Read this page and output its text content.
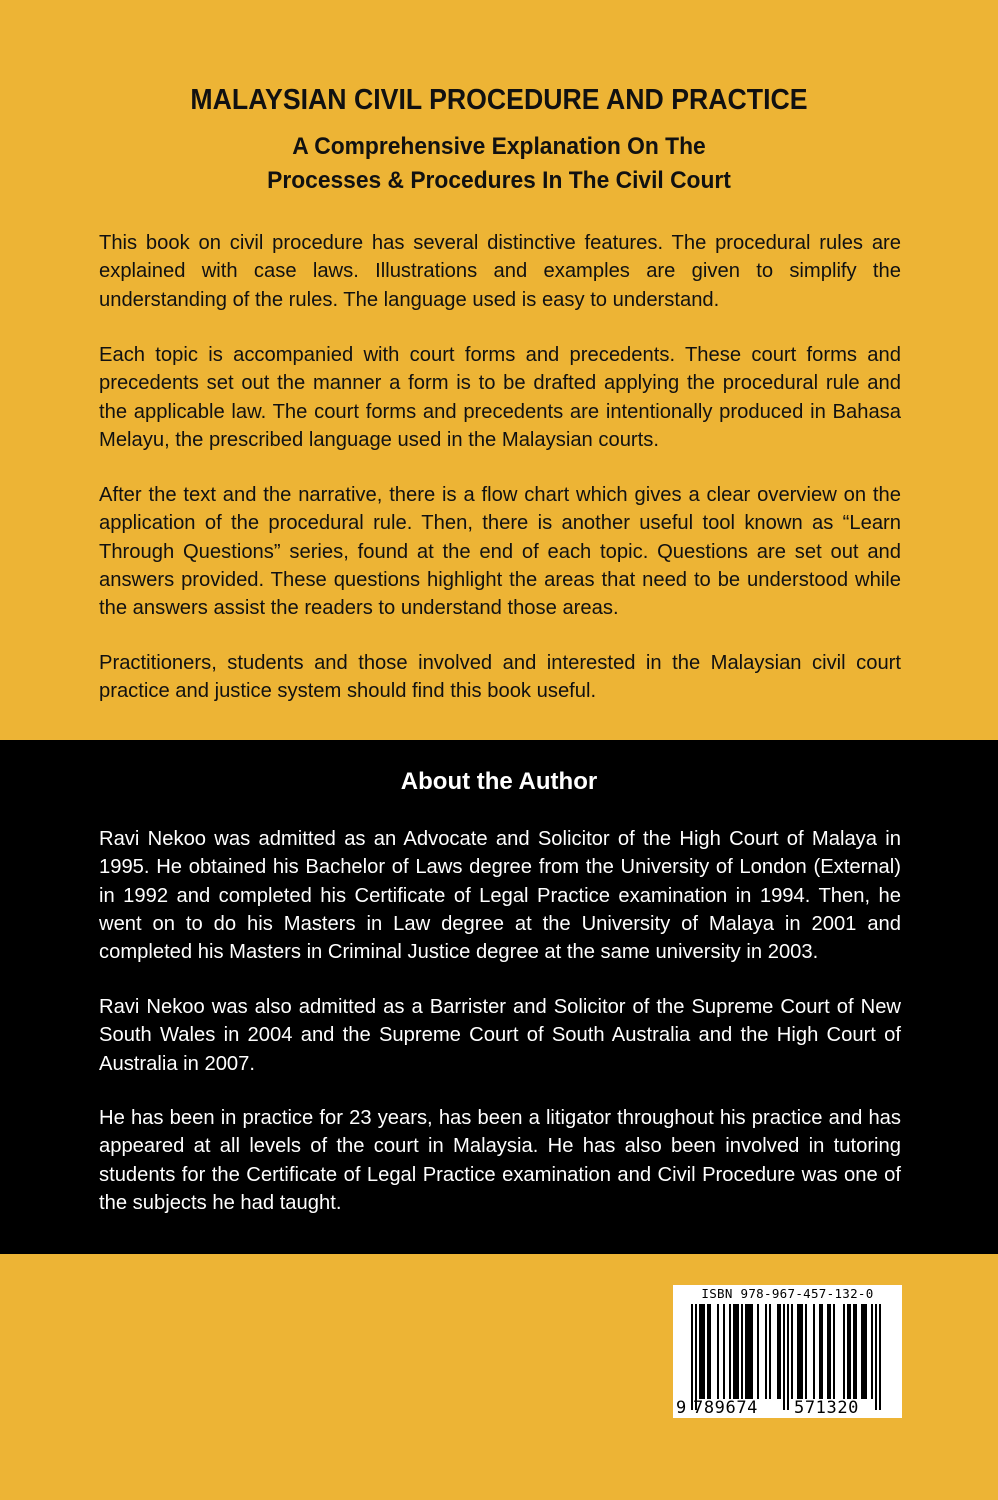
MALAYSIAN CIVIL PROCEDURE AND PRACTICE
A Comprehensive Explanation On The
Processes & Procedures In The Civil Court

This book on civil procedure has several distinctive features. The procedural rules are explained with case laws. Illustrations and examples are given to simplify the understanding of the rules. The language used is easy to understand.

Each topic is accompanied with court forms and precedents. These court forms and precedents set out the manner a form is to be drafted applying the procedural rule and the applicable law. The court forms and precedents are intentionally produced in Bahasa Melayu, the prescribed language used in the Malaysian courts.

After the text and the narrative, there is a flow chart which gives a clear overview on the application of the procedural rule. Then, there is another useful tool known as “Learn Through Questions” series, found at the end of each topic. Questions are set out and answers provided. These questions highlight the areas that need to be understood while the answers assist the readers to understand those areas.

Practitioners, students and those involved and interested in the Malaysian civil court practice and justice system should find this book useful.

About the Author

Ravi Nekoo was admitted as an Advocate and Solicitor of the High Court of Malaya in 1995. He obtained his Bachelor of Laws degree from the University of London (External) in 1992 and completed his Certificate of Legal Practice examination in 1994. Then, he went on to do his Masters in Law degree at the University of Malaya in 2001 and completed his Masters in Criminal Justice degree at the same university in 2003.

Ravi Nekoo was also admitted as a Barrister and Solicitor of the Supreme Court of New South Wales in 2004 and the Supreme Court of South Australia and the High Court of Australia in 2007.

He has been in practice for 23 years, has been a litigator throughout his practice and has appeared at all levels of the court in Malaysia. He has also been involved in tutoring students for the Certificate of Legal Practice examination and Civil Procedure was one of the subjects he had taught.

ISBN 978-967-457-132-0
9 789674 571320
